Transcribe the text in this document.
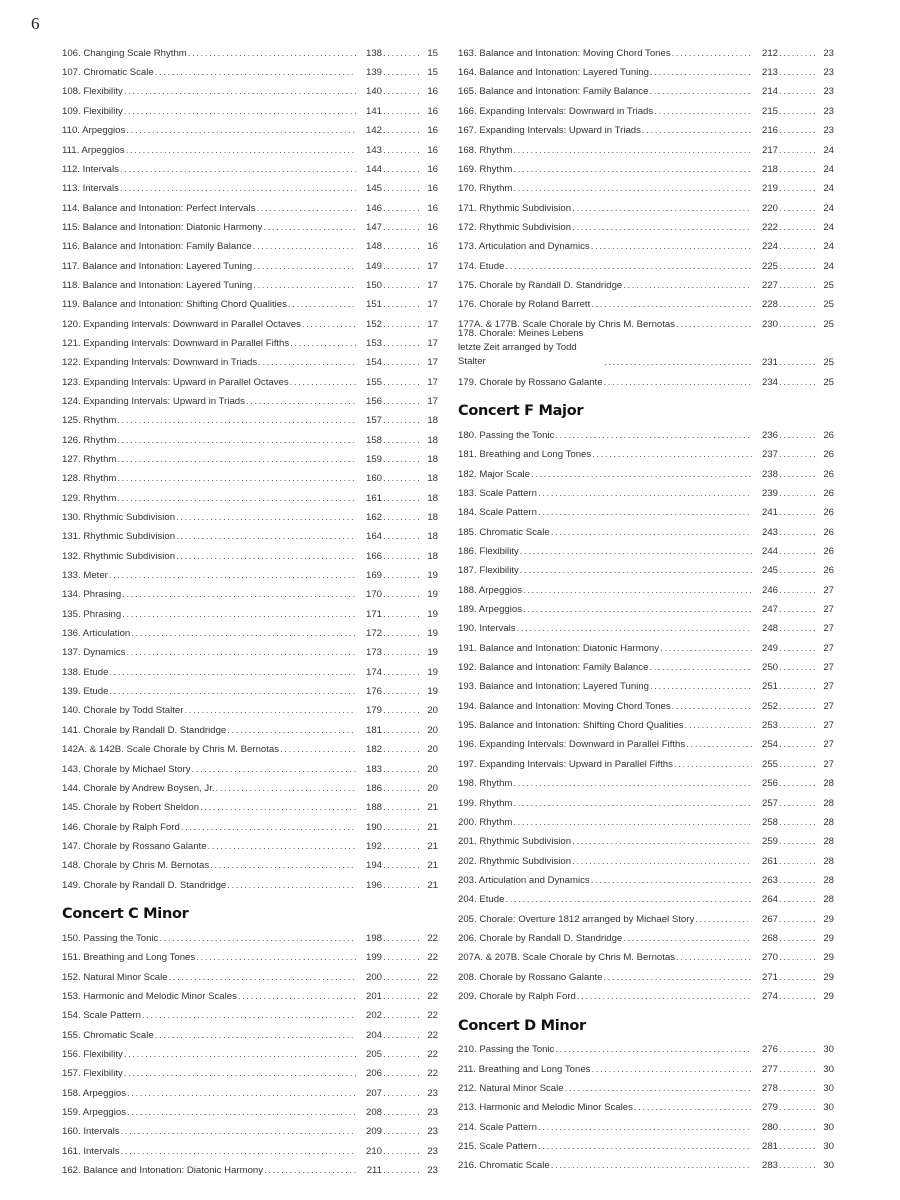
6
106. Changing Scale Rhythm .....	138 .....	15
107. Chromatic Scale .....	139 .....	15
108. Flexibility .....	140 .....	16
109. Flexibility .....	141 .....	16
110. Arpeggios .....	142 .....	16
111. Arpeggios .....	143 .....	16
112. Intervals .....	144 .....	16
113. Intervals .....	145 .....	16
114. Balance and Intonation: Perfect Intervals .....	146 .....	16
115. Balance and Intonation: Diatonic Harmony .....	147 .....	16
116. Balance and Intonation: Family Balance .....	148 .....	16
117. Balance and Intonation: Layered Tuning .....	149 .....	17
118. Balance and Intonation: Layered Tuning .....	150 .....	17
119. Balance and Intonation: Shifting Chord Qualities .....	151 .....	17
120. Expanding Intervals: Downward in Parallel Octaves .....	152 .....	17
121. Expanding Intervals: Downward in Parallel Fifths .....	153 .....	17
122. Expanding Intervals: Downward in Triads .....	154 .....	17
123. Expanding Intervals: Upward in Parallel Octaves .....	155 .....	17
124. Expanding Intervals: Upward in Triads .....	156 .....	17
125. Rhythm .....	157 .....	18
126. Rhythm .....	158 .....	18
127. Rhythm .....	159 .....	18
128. Rhythm .....	160 .....	18
129. Rhythm .....	161 .....	18
130. Rhythmic Subdivision .....	162 .....	18
131. Rhythmic Subdivision .....	164 .....	18
132. Rhythmic Subdivision .....	166 .....	18
133. Meter .....	169 .....	19
134. Phrasing .....	170 .....	19
135. Phrasing .....	171 .....	19
136. Articulation .....	172 .....	19
137. Dynamics .....	173 .....	19
138. Etude .....	174 .....	19
139. Etude .....	176 .....	19
140. Chorale by Todd Stalter .....	179 .....	20
141. Chorale by Randall D. Standridge .....	181 .....	20
142A. & 142B. Scale Chorale by Chris M. Bernotas .....	182 .....	20
143. Chorale by Michael Story .....	183 .....	20
144. Chorale by Andrew Boysen, Jr. .....	186 .....	20
145. Chorale by Robert Sheldon .....	188 .....	21
146. Chorale by Ralph Ford .....	190 .....	21
147. Chorale by Rossano Galante .....	192 .....	21
148. Chorale by Chris M. Bernotas .....	194 .....	21
149. Chorale by Randall D. Standridge .....	196 .....	21
Concert C Minor
150. Passing the Tonic .....	198 .....	22
151. Breathing and Long Tones .....	199 .....	22
152. Natural Minor Scale .....	200 .....	22
153. Harmonic and Melodic Minor Scales .....	201 .....	22
154. Scale Pattern .....	202 .....	22
155. Chromatic Scale .....	204 .....	22
156. Flexibility .....	205 .....	22
157. Flexibility .....	206 .....	22
158. Arpeggios .....	207 .....	23
159. Arpeggios .....	208 .....	23
160. Intervals .....	209 .....	23
161. Intervals .....	210 .....	23
162. Balance and Intonation: Diatonic Harmony .....	211 .....	23
163. Balance and Intonation: Moving Chord Tones .....	212 .....	23
164. Balance and Intonation: Layered Tuning .....	213 .....	23
165. Balance and Intonation: Family Balance .....	214 .....	23
166. Expanding Intervals: Downward in Triads .....	215 .....	23
167. Expanding Intervals: Upward in Triads .....	216 .....	23
168. Rhythm .....	217 .....	24
169. Rhythm .....	218 .....	24
170. Rhythm .....	219 .....	24
171. Rhythmic Subdivision .....	220 .....	24
172. Rhythmic Subdivision .....	222 .....	24
173. Articulation and Dynamics .....	224 .....	24
174. Etude .....	225 .....	24
175. Chorale by Randall D. Standridge .....	227 .....	25
176. Chorale by Roland Barrett .....	228 .....	25
177A. & 177B. Scale Chorale by Chris M. Bernotas .....	230 .....	25
178. Chorale: Meines Lebens letzte Zeit arranged by Todd Stalter .....	231 .....	25
179. Chorale by Rossano Galante .....	234 .....	25
Concert F Major
180. Passing the Tonic .....	236 .....	26
181. Breathing and Long Tones .....	237 .....	26
182. Major Scale .....	238 .....	26
183. Scale Pattern .....	239 .....	26
184. Scale Pattern .....	241 .....	26
185. Chromatic Scale .....	243 .....	26
186. Flexibility .....	244 .....	26
187. Flexibility .....	245 .....	26
188. Arpeggios .....	246 .....	27
189. Arpeggios .....	247 .....	27
190. Intervals .....	248 .....	27
191. Balance and Intonation: Diatonic Harmony .....	249 .....	27
192. Balance and Intonation: Family Balance .....	250 .....	27
193. Balance and Intonation: Layered Tuning .....	251 .....	27
194. Balance and Intonation: Moving Chord Tones .....	252 .....	27
195. Balance and Intonation: Shifting Chord Qualities .....	253 .....	27
196. Expanding Intervals: Downward in Parallel Fifths .....	254 .....	27
197. Expanding Intervals: Upward in Parallel Fifths .....	255 .....	27
198. Rhythm .....	256 .....	28
199. Rhythm .....	257 .....	28
200. Rhythm .....	258 .....	28
201. Rhythmic Subdivision .....	259 .....	28
202. Rhythmic Subdivision .....	261 .....	28
203. Articulation and Dynamics .....	263 .....	28
204. Etude .....	264 .....	28
205. Chorale: Overture 1812 arranged by Michael Story .....	267 .....	29
206. Chorale by Randall D. Standridge .....	268 .....	29
207A. & 207B. Scale Chorale by Chris M. Bernotas .....	270 .....	29
208. Chorale by Rossano Galante .....	271 .....	29
209. Chorale by Ralph Ford .....	274 .....	29
Concert D Minor
210. Passing the Tonic .....	276 .....	30
211. Breathing and Long Tones .....	277 .....	30
212. Natural Minor Scale .....	278 .....	30
213. Harmonic and Melodic Minor Scales .....	279 .....	30
214. Scale Pattern .....	280 .....	30
215. Scale Pattern .....	281 .....	30
216. Chromatic Scale .....	283 .....	30
